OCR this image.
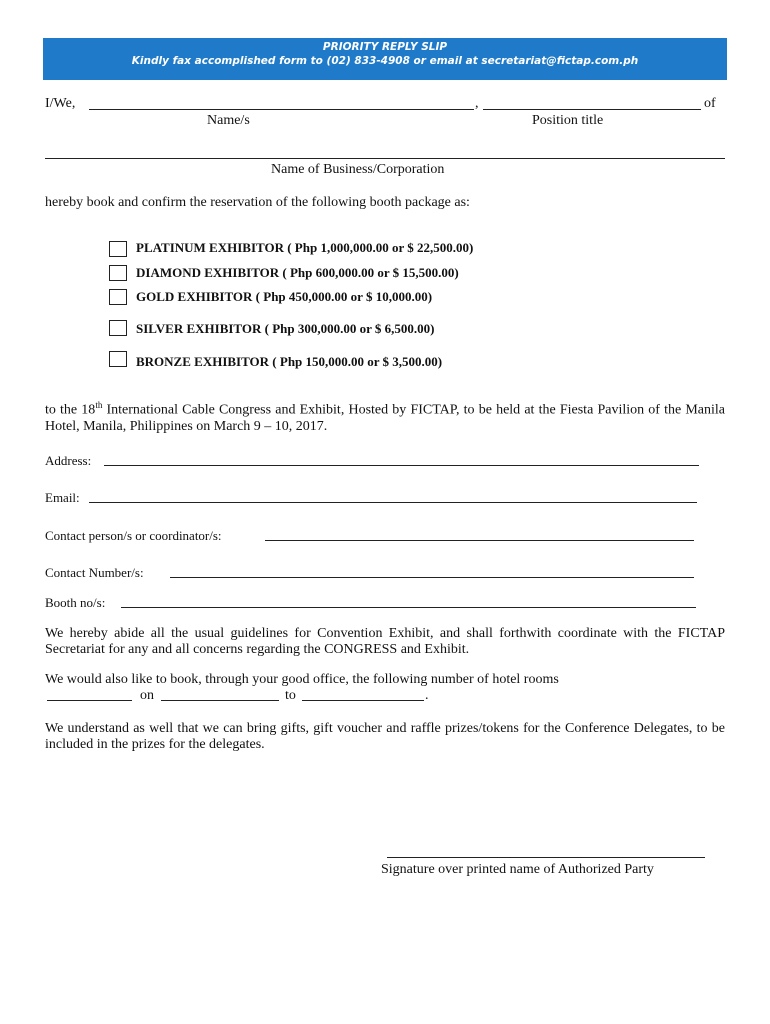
PRIORITY REPLY SLIP
Kindly fax accomplished form to (02) 833-4908 or email at secretariat@fictap.com.ph
I/We,	,	of
Name/s	Position title
Name of Business/Corporation
hereby book and confirm the reservation of the following booth package as:
PLATINUM EXHIBITOR ( Php 1,000,000.00 or $ 22,500.00)
DIAMOND EXHIBITOR ( Php 600,000.00 or $ 15,500.00)
GOLD EXHIBITOR ( Php 450,000.00 or $ 10,000.00)
SILVER EXHIBITOR ( Php 300,000.00 or $ 6,500.00)
BRONZE EXHIBITOR ( Php 150,000.00 or $ 3,500.00)
to the 18th International Cable Congress and Exhibit, Hosted by FICTAP, to be held at the Fiesta Pavilion of the Manila Hotel, Manila, Philippines on March 9 – 10, 2017.
Address:
Email:
Contact person/s or coordinator/s:
Contact Number/s:
Booth no/s:
We hereby abide all the usual guidelines for Convention Exhibit, and shall forthwith coordinate with the FICTAP Secretariat for any and all concerns regarding the CONGRESS and Exhibit.
We would also like to book, through your good office, the following number of hotel rooms
on	to	.
We understand as well that we can bring gifts, gift voucher and raffle prizes/tokens for the Conference Delegates, to be included in the prizes for the delegates.
Signature over printed name of Authorized Party
